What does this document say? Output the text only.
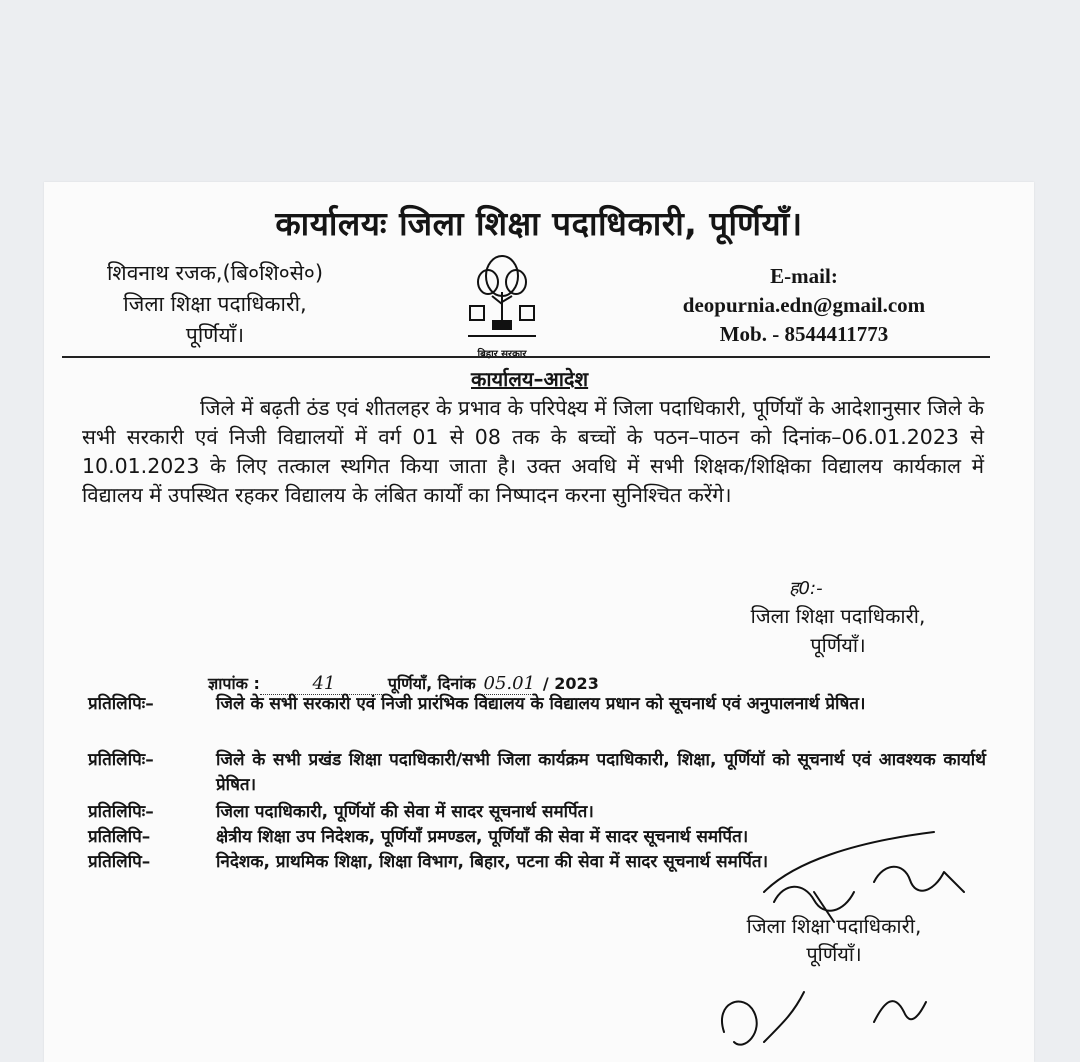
कार्यालयः जिला शिक्षा पदाधिकारी, पूर्णियाँ।
शिवनाथ रजक,(बि०शि०से०)
जिला शिक्षा पदाधिकारी,
पूर्णियाँ।
बिहार सरकार
E-mail:
deopurnia.edn@gmail.com
Mob. - 8544411773
कार्यालय–आदेश
जिले में बढ़ती ठंड एवं शीतलहर के प्रभाव के परिपेक्ष्य में जिला पदाधिकारी, पूर्णियाँ के आदेशानुसार जिले के सभी सरकारी एवं निजी विद्यालयों में वर्ग 01 से 08 तक के बच्चों के पठन–पाठन को दिनांक–06.01.2023 से 10.01.2023 के लिए तत्काल स्थगित किया जाता है। उक्त अवधि में सभी शिक्षक/शिक्षिका विद्यालय कार्यकाल में विद्यालय में उपस्थित रहकर विद्यालय के लंबित कार्यों का निष्पादन करना सुनिश्चित करेंगे।
ह0:-
जिला शिक्षा पदाधिकारी,
पूर्णियाँ।
ज्ञापांक :	41	पूर्णियाँ, दिनांक 05.01 / 2023
प्रतिलिपिः–	जिले के सभी सरकारी एवं निजी प्रारंभिक विद्यालय के विद्यालय प्रधान को सूचनार्थ एवं अनुपालनार्थ प्रेषित।
प्रतिलिपिः–	जिले के सभी प्रखंड शिक्षा पदाधिकारी/सभी जिला कार्यक्रम पदाधिकारी, शिक्षा, पूर्णियॉ को सूचनार्थ एवं आवश्यक कार्यार्थ प्रेषित।
प्रतिलिपिः–	जिला पदाधिकारी, पूर्णियॉ की सेवा में सादर सूचनार्थ समर्पित।
प्रतिलिपि–	क्षेत्रीय शिक्षा उप निदेशक, पूर्णियाँ प्रमण्डल, पूर्णियाँ की सेवा में सादर सूचनार्थ समर्पित।
प्रतिलिपि–	निदेशक, प्राथमिक शिक्षा, शिक्षा विभाग, बिहार, पटना की सेवा में सादर सूचनार्थ समर्पित।
जिला शिक्षा पदाधिकारी,
पूर्णियाँ।
